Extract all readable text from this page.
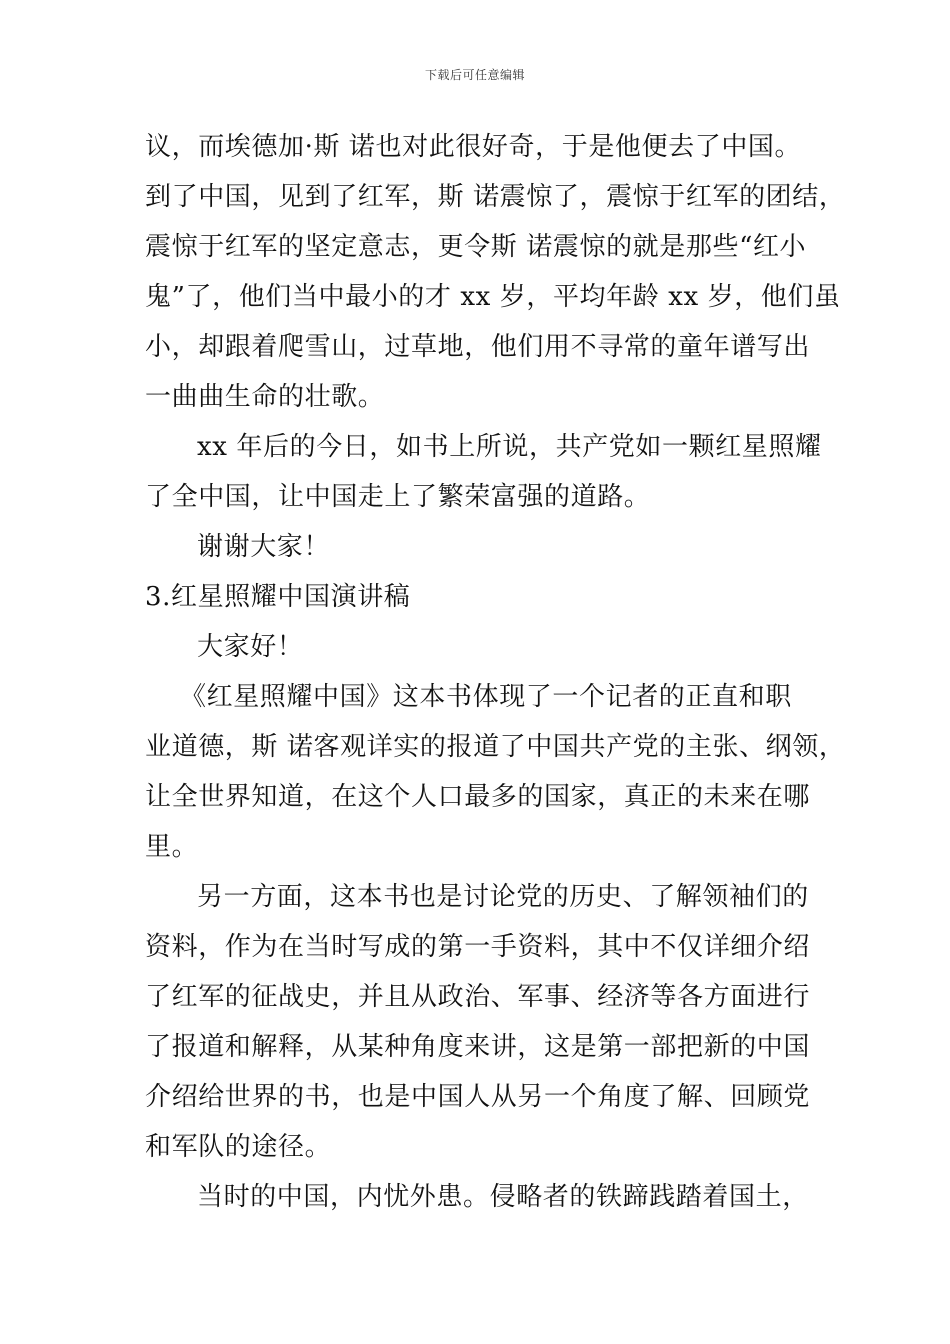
下载后可任意编辑
议，而埃德加·斯 诺也对此很好奇，于是他便去了中国。
到了中国，见到了红军，斯 诺震惊了，震惊于红军的团结，
震惊于红军的坚定意志，更令斯 诺震惊的就是那些“红小
鬼”了，他们当中最小的才 xx 岁，平均年龄 xx 岁，他们虽
小，却跟着爬雪山，过草地，他们用不寻常的童年谱写出
一曲曲生命的壮歌。
xx 年后的今日，如书上所说，共产党如一颗红星照耀
了全中国，让中国走上了繁荣富强的道路。
谢谢大家！
3.红星照耀中国演讲稿
大家好！
《红星照耀中国》这本书体现了一个记者的正直和职
业道德，斯 诺客观详实的报道了中国共产党的主张、纲领，
让全世界知道，在这个人口最多的国家，真正的未来在哪
里。
另一方面，这本书也是讨论党的历史、了解领袖们的
资料，作为在当时写成的第一手资料，其中不仅详细介绍
了红军的征战史，并且从政治、军事、经济等各方面进行
了报道和解释，从某种角度来讲，这是第一部把新的中国
介绍给世界的书，也是中国人从另一个角度了解、回顾党
和军队的途径。
当时的中国，内忧外患。侵略者的铁蹄践踏着国土，
